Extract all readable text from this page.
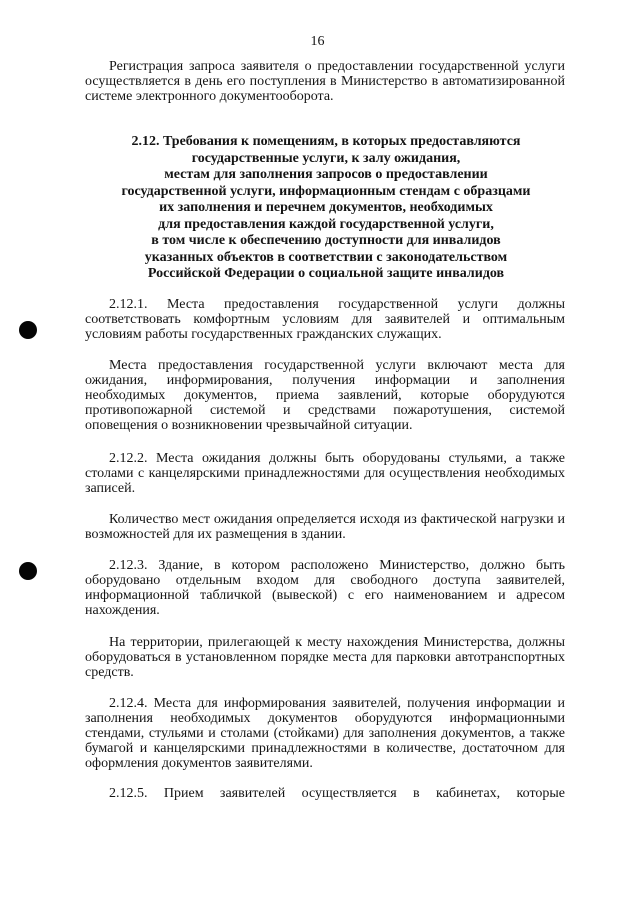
16

Регистрация запроса заявителя о предоставлении государственной услуги осуществляется в день его поступления в Министерство в автоматизированной системе электронного документооборота.

2.12. Требования к помещениям, в которых предоставляются
государственные услуги, к залу ожидания,
местам для заполнения запросов о предоставлении
государственной услуги, информационным стендам с образцами
их заполнения и перечнем документов, необходимых
для предоставления каждой государственной услуги,
в том числе к обеспечению доступности для инвалидов
указанных объектов в соответствии с законодательством
Российской Федерации о социальной защите инвалидов

2.12.1. Места предоставления государственной услуги должны соответствовать комфортным условиям для заявителей и оптимальным условиям работы государственных гражданских служащих.

Места предоставления государственной услуги включают места для ожидания, информирования, получения информации и заполнения необходимых документов, приема заявлений, которые оборудуются противопожарной системой и средствами пожаротушения, системой оповещения о возникновении чрезвычайной ситуации.

2.12.2. Места ожидания должны быть оборудованы стульями, а также столами с канцелярскими принадлежностями для осуществления необходимых записей.

Количество мест ожидания определяется исходя из фактической нагрузки и возможностей для их размещения в здании.

2.12.3. Здание, в котором расположено Министерство, должно быть оборудовано отдельным входом для свободного доступа заявителей, информационной табличкой (вывеской) с его наименованием и адресом нахождения.

На территории, прилегающей к месту нахождения Министерства, должны оборудоваться в установленном порядке места для парковки автотранспортных средств.

2.12.4. Места для информирования заявителей, получения информации и заполнения необходимых документов оборудуются информационными стендами, стульями и столами (стойками) для заполнения документов, а также бумагой и канцелярскими принадлежностями в количестве, достаточном для оформления документов заявителями.

2.12.5. Прием заявителей осуществляется в кабинетах, которые
